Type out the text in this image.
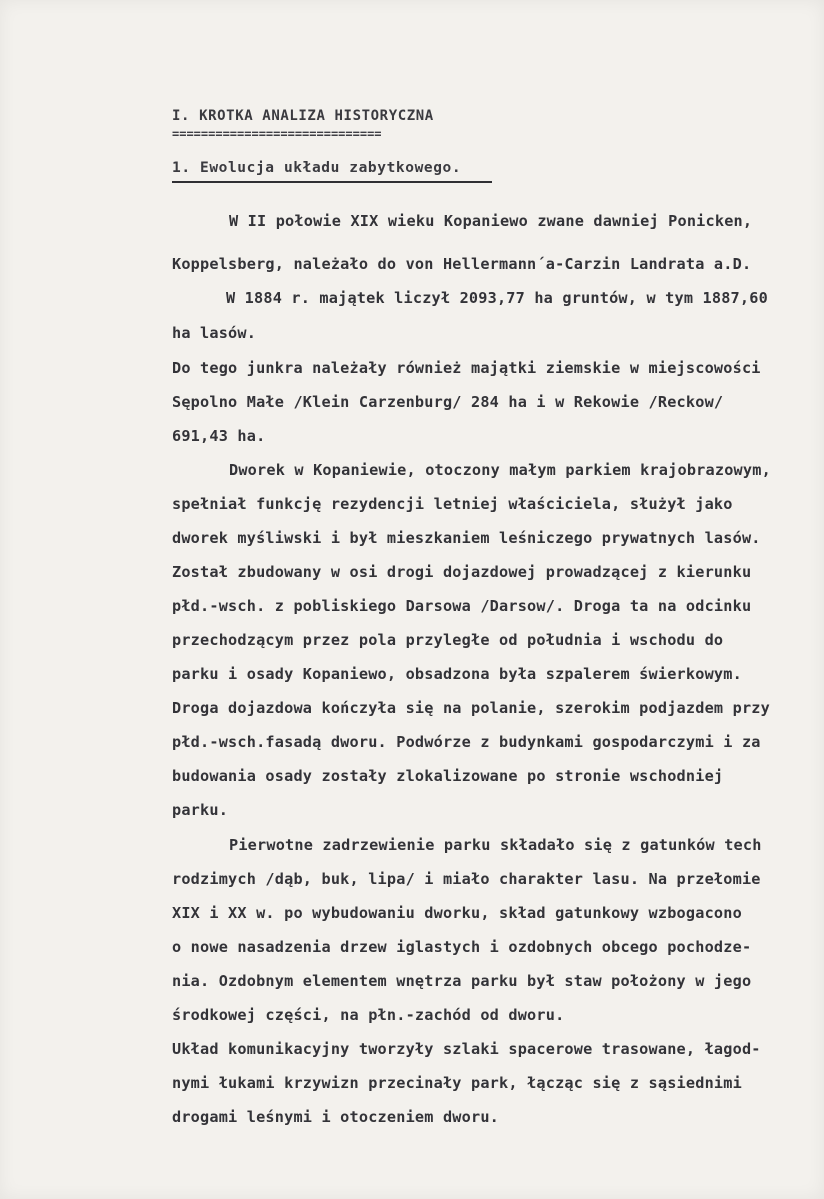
I. KROTKA ANALIZA HISTORYCZNA
=============================
1. Ewolucja układu zabytkowego.
W II połowie XIX wieku Kopaniewo zwane dawniej Ponicken,
Koppelsberg, należało do von Hellermann´a-Carzin Landrata a.D.
W 1884 r. majątek liczył 2093,77 ha gruntów, w tym 1887,60
ha lasów.
Do tego junkra należały również majątki ziemskie w miejscowości
Sępolno Małe /Klein Carzenburg/ 284 ha i w Rekowie /Reckow/
691,43 ha.
Dworek w Kopaniewie, otoczony małym parkiem krajobrazowym,
spełniał funkcję rezydencji letniej właściciela, służył jako
dworek myśliwski i był mieszkaniem leśniczego prywatnych lasów.
Został zbudowany w osi drogi dojazdowej prowadzącej z kierunku
płd.-wsch. z pobliskiego Darsowa /Darsow/. Droga ta na odcinku
przechodzącym przez pola przyległe od południa i wschodu do
parku i osady Kopaniewo, obsadzona była szpalerem świerkowym.
Droga dojazdowa kończyła się na polanie, szerokim podjazdem przy
płd.-wsch.fasadą dworu. Podwórze z budynkami gospodarczymi i za
budowania osady zostały zlokalizowane po stronie wschodniej
parku.
Pierwotne zadrzewienie parku składało się z gatunków tech
rodzimych /dąb, buk, lipa/ i miało charakter lasu. Na przełomie
XIX i XX w. po wybudowaniu dworku, skład gatunkowy wzbogacono
o nowe nasadzenia drzew iglastych i ozdobnych obcego pochodze-
nia. Ozdobnym elementem wnętrza parku był staw położony w jego
środkowej części, na płn.-zachód od dworu.
Układ komunikacyjny tworzyły szlaki spacerowe trasowane, łagod-
nymi łukami krzywizn przecinały park, łącząc się z sąsiednimi
drogami leśnymi i otoczeniem dworu.
